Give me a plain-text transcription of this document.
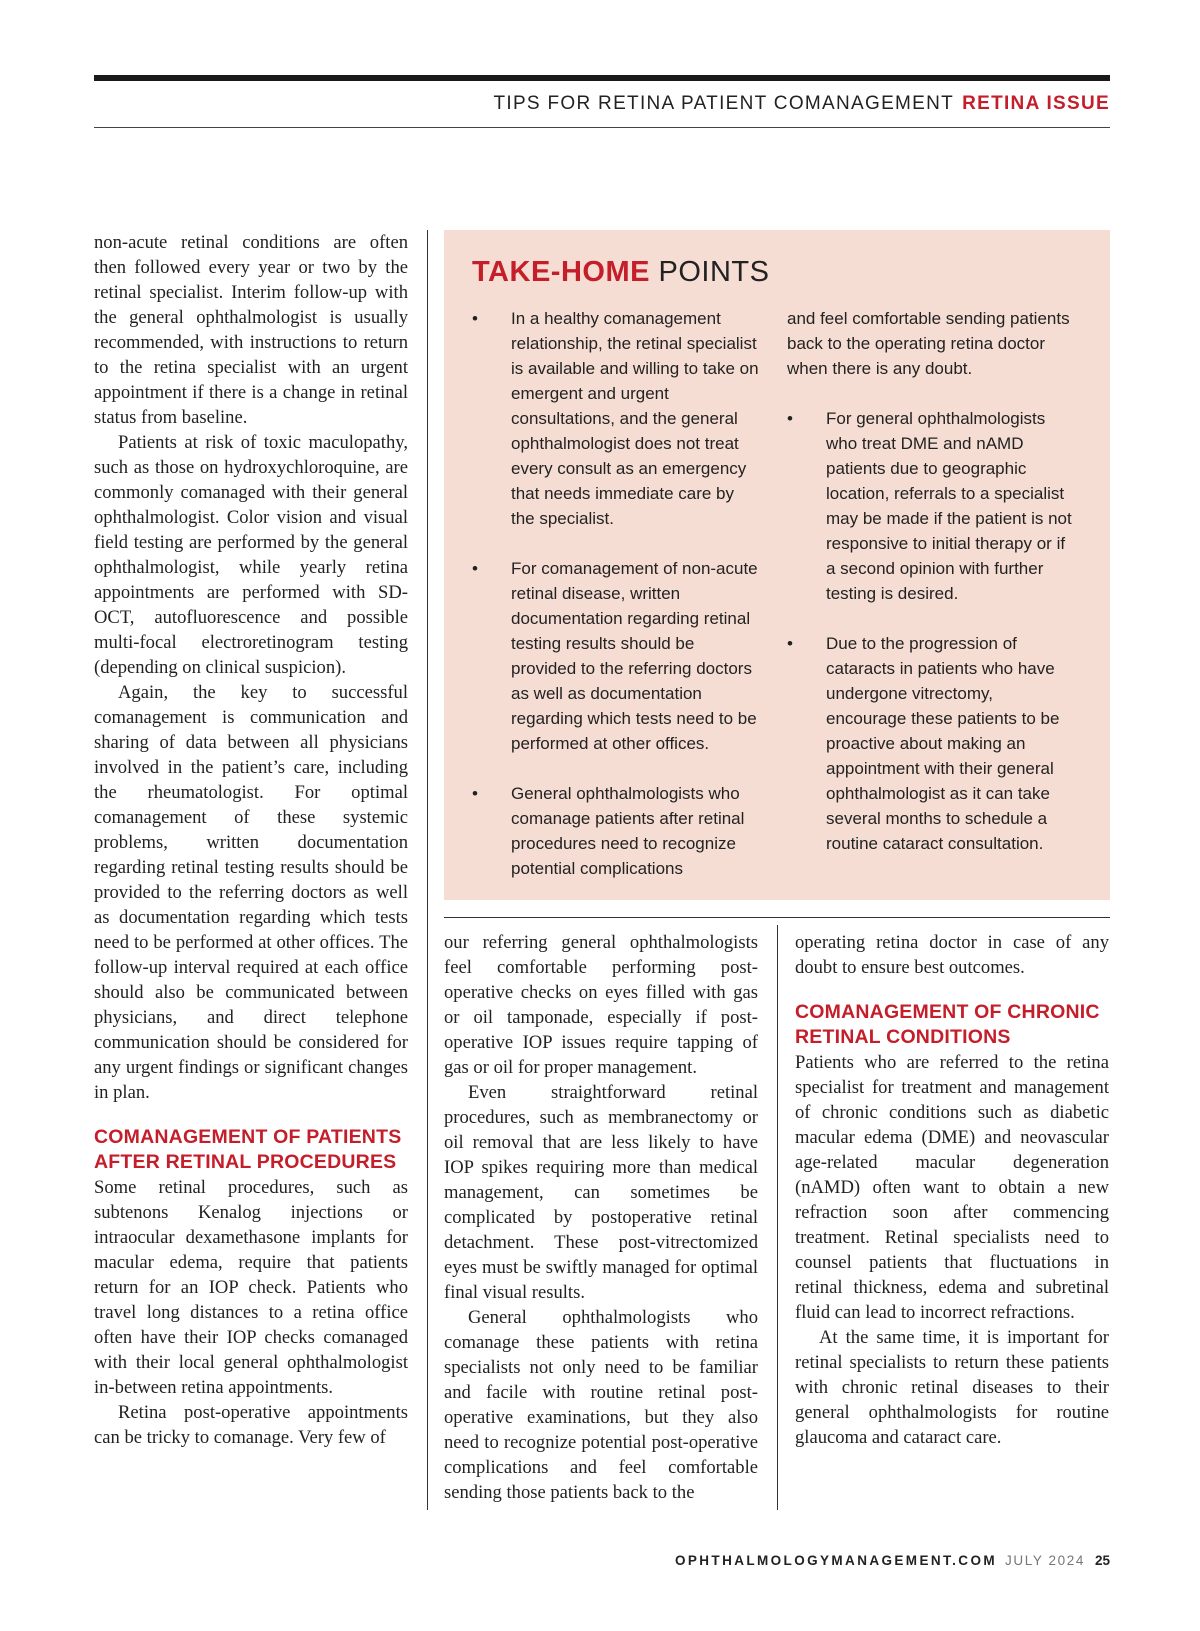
TIPS FOR RETINA PATIENT COMANAGEMENT RETINA ISSUE

non-acute retinal conditions are often then followed every year or two by the retinal specialist. Interim follow-up with the general ophthalmologist is usually recommended, with instructions to return to the retina specialist with an urgent appointment if there is a change in retinal status from baseline.

Patients at risk of toxic maculopathy, such as those on hydroxychloroquine, are commonly comanaged with their general ophthalmologist. Color vision and visual field testing are performed by the general ophthalmologist, while yearly retina appointments are performed with SD-OCT, autofluorescence and possible multi-focal electroretinogram testing (depending on clinical suspicion).

Again, the key to successful comanagement is communication and sharing of data between all physicians involved in the patient’s care, including the rheumatologist. For optimal comanagement of these systemic problems, written documentation regarding retinal testing results should be provided to the referring doctors as well as documentation regarding which tests need to be performed at other offices. The follow-up interval required at each office should also be communicated between physicians, and direct telephone communication should be considered for any urgent findings or significant changes in plan.

COMANAGEMENT OF PATIENTS AFTER RETINAL PROCEDURES

Some retinal procedures, such as subtenons Kenalog injections or intraocular dexamethasone implants for macular edema, require that patients return for an IOP check. Patients who travel long distances to a retina office often have their IOP checks comanaged with their local general ophthalmologist in-between retina appointments.

Retina post-operative appointments can be tricky to comanage. Very few of

TAKE-HOME POINTS
• In a healthy comanagement relationship, the retinal specialist is available and willing to take on emergent and urgent consultations, and the general ophthalmologist does not treat every consult as an emergency that needs immediate care by the specialist.
• For comanagement of non-acute retinal disease, written documentation regarding retinal testing results should be provided to the referring doctors as well as documentation regarding which tests need to be performed at other offices.
• General ophthalmologists who comanage patients after retinal procedures need to recognize potential complications
and feel comfortable sending patients back to the operating retina doctor when there is any doubt.
• For general ophthalmologists who treat DME and nAMD patients due to geographic location, referrals to a specialist may be made if the patient is not responsive to initial therapy or if a second opinion with further testing is desired.
• Due to the progression of cataracts in patients who have undergone vitrectomy, encourage these patients to be proactive about making an appointment with their general ophthalmologist as it can take several months to schedule a routine cataract consultation.

our referring general ophthalmologists feel comfortable performing post-operative checks on eyes filled with gas or oil tamponade, especially if post-operative IOP issues require tapping of gas or oil for proper management.

Even straightforward retinal procedures, such as membranectomy or oil removal that are less likely to have IOP spikes requiring more than medical management, can sometimes be complicated by postoperative retinal detachment. These post-vitrectomized eyes must be swiftly managed for optimal final visual results.

General ophthalmologists who comanage these patients with retina specialists not only need to be familiar and facile with routine retinal post-operative examinations, but they also need to recognize potential post-operative complications and feel comfortable sending those patients back to the

operating retina doctor in case of any doubt to ensure best outcomes.

COMANAGEMENT OF CHRONIC RETINAL CONDITIONS

Patients who are referred to the retina specialist for treatment and management of chronic conditions such as diabetic macular edema (DME) and neovascular age-related macular degeneration (nAMD) often want to obtain a new refraction soon after commencing treatment. Retinal specialists need to counsel patients that fluctuations in retinal thickness, edema and subretinal fluid can lead to incorrect refractions.

At the same time, it is important for retinal specialists to return these patients with chronic retinal diseases to their general ophthalmologists for routine glaucoma and cataract care.

OPHTHALMOLOGYMANAGEMENT.COM JULY 2024 25
